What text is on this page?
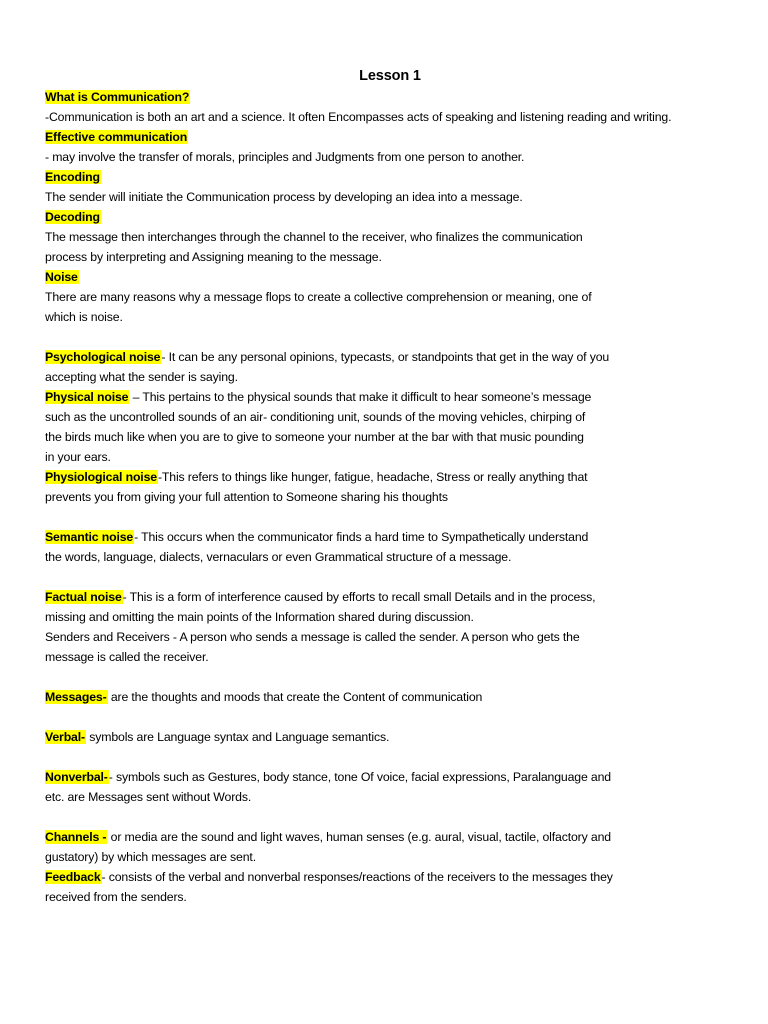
Lesson 1
What is Communication?
-Communication is both an art and a science. It often Encompasses acts of speaking and listening reading and writing.
Effective communication
- may involve the transfer of morals, principles and Judgments from one person to another.
Encoding
The sender will initiate the Communication process by developing an idea into a message.
Decoding
The message then interchanges through the channel to the receiver, who finalizes the communication
process by interpreting and Assigning meaning to the message.
Noise
There are many reasons why a message flops to create a collective comprehension or meaning, one of
which is noise.
Psychological noise- It can be any personal opinions, typecasts, or standpoints that get in the way of you
accepting what the sender is saying.
Physical noise – This pertains to the physical sounds that make it difficult to hear someone’s message
such as the uncontrolled sounds of an air- conditioning unit, sounds of the moving vehicles, chirping of
the birds much like when you are to give to someone your number at the bar with that music pounding
in your ears.
Physiological noise-This refers to things like hunger, fatigue, headache, Stress or really anything that
prevents you from giving your full attention to Someone sharing his thoughts
Semantic noise- This occurs when the communicator finds a hard time to Sympathetically understand
the words, language, dialects, vernaculars or even Grammatical structure of a message.
Factual noise- This is a form of interference caused by efforts to recall small Details and in the process,
missing and omitting the main points of the Information shared during discussion.
Senders and Receivers - A person who sends a message is called the sender. A person who gets the
message is called the receiver.
Messages- are the thoughts and moods that create the Content of communication
Verbal- symbols are Language syntax and Language semantics.
Nonverbal-- symbols such as Gestures, body stance, tone Of voice, facial expressions, Paralanguage and
etc. are Messages sent without Words.
Channels - or media are the sound and light waves, human senses (e.g. aural, visual, tactile, olfactory and
gustatory) by which messages are sent.
Feedback- consists of the verbal and nonverbal responses/reactions of the receivers to the messages they
received from the senders.
